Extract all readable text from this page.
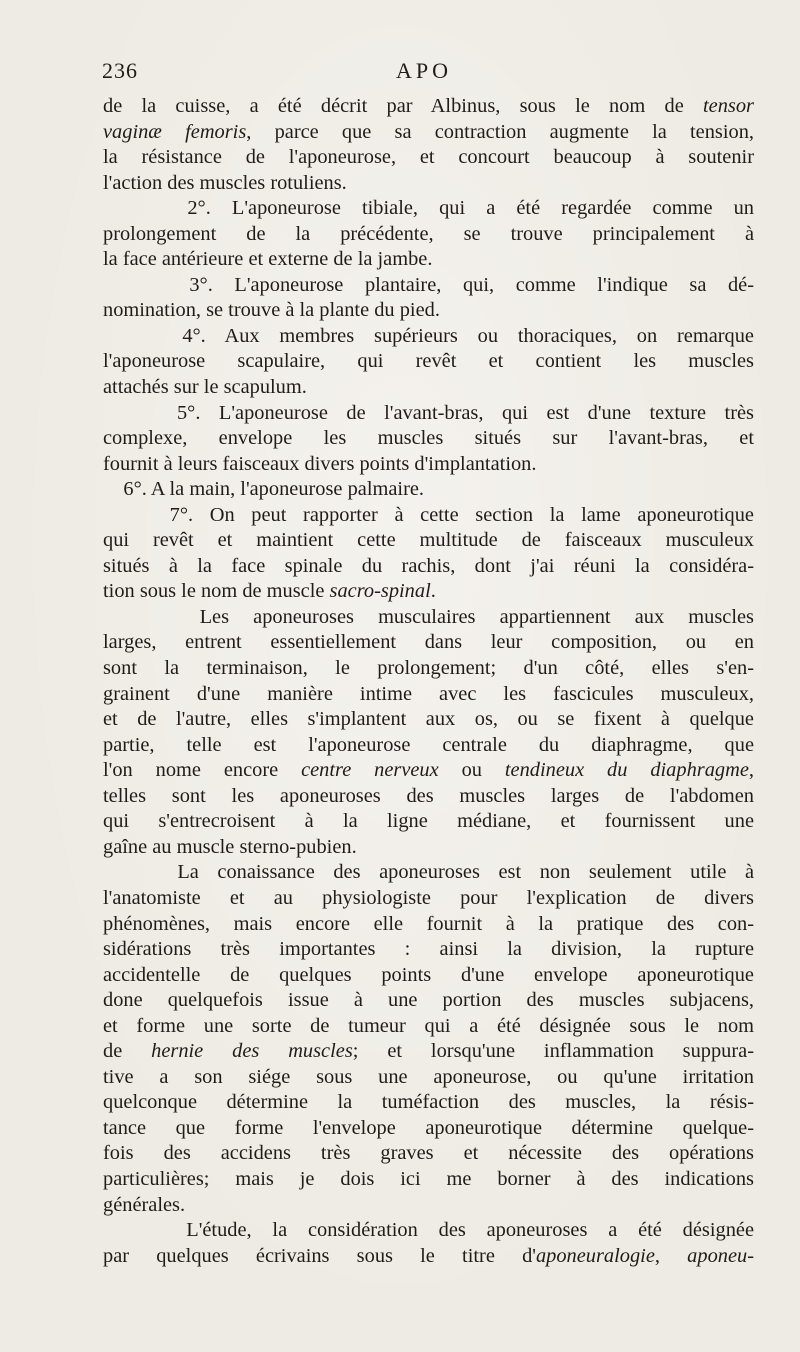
236	APO
de la cuisse, a été décrit par Albinus, sous le nom de tensor
vaginæ femoris, parce que sa contraction augmente la tension,
la résistance de l'aponeurose, et concourt beaucoup à soutenir
l'action des muscles rotuliens.
2°. L'aponeurose tibiale, qui a été regardée comme un
prolongement de la précédente, se trouve principalement à
la face antérieure et externe de la jambe.
3°. L'aponeurose plantaire, qui, comme l'indique sa dé-
nomination, se trouve à la plante du pied.
4°. Aux membres supérieurs ou thoraciques, on remarque
l'aponeurose scapulaire, qui revêt et contient les muscles
attachés sur le scapulum.
5°. L'aponeurose de l'avant-bras, qui est d'une texture très
complexe, envelope les muscles situés sur l'avant-bras, et
fournit à leurs faisceaux divers points d'implantation.
6°. A la main, l'aponeurose palmaire.
7°. On peut rapporter à cette section la lame aponeurotique
qui revêt et maintient cette multitude de faisceaux musculeux
situés à la face spinale du rachis, dont j'ai réuni la considéra-
tion sous le nom de muscle sacro-spinal.
Les aponeuroses musculaires appartiennent aux muscles
larges, entrent essentiellement dans leur composition, ou en
sont la terminaison, le prolongement; d'un côté, elles s'en-
grainent d'une manière intime avec les fascicules musculeux,
et de l'autre, elles s'implantent aux os, ou se fixent à quelque
partie, telle est l'aponeurose centrale du diaphragme, que
l'on nome encore centre nerveux ou tendineux du diaphragme,
telles sont les aponeuroses des muscles larges de l'abdomen
qui s'entrecroisent à la ligne médiane, et fournissent une
gaîne au muscle sterno-pubien.
La conaissance des aponeuroses est non seulement utile à
l'anatomiste et au physiologiste pour l'explication de divers
phénomènes, mais encore elle fournit à la pratique des con-
sidérations très importantes : ainsi la division, la rupture
accidentelle de quelques points d'une envelope aponeurotique
done quelquefois issue à une portion des muscles subjacens,
et forme une sorte de tumeur qui a été désignée sous le nom
de hernie des muscles; et lorsqu'une inflammation suppura-
tive a son siége sous une aponeurose, ou qu'une irritation
quelconque détermine la tuméfaction des muscles, la résis-
tance que forme l'envelope aponeurotique détermine quelque-
fois des accidens très graves et nécessite des opérations
particulières; mais je dois ici me borner à des indications
générales.
L'étude, la considération des aponeuroses a été désignée
par quelques écrivains sous le titre d'aponeuralogie, aponeu-
